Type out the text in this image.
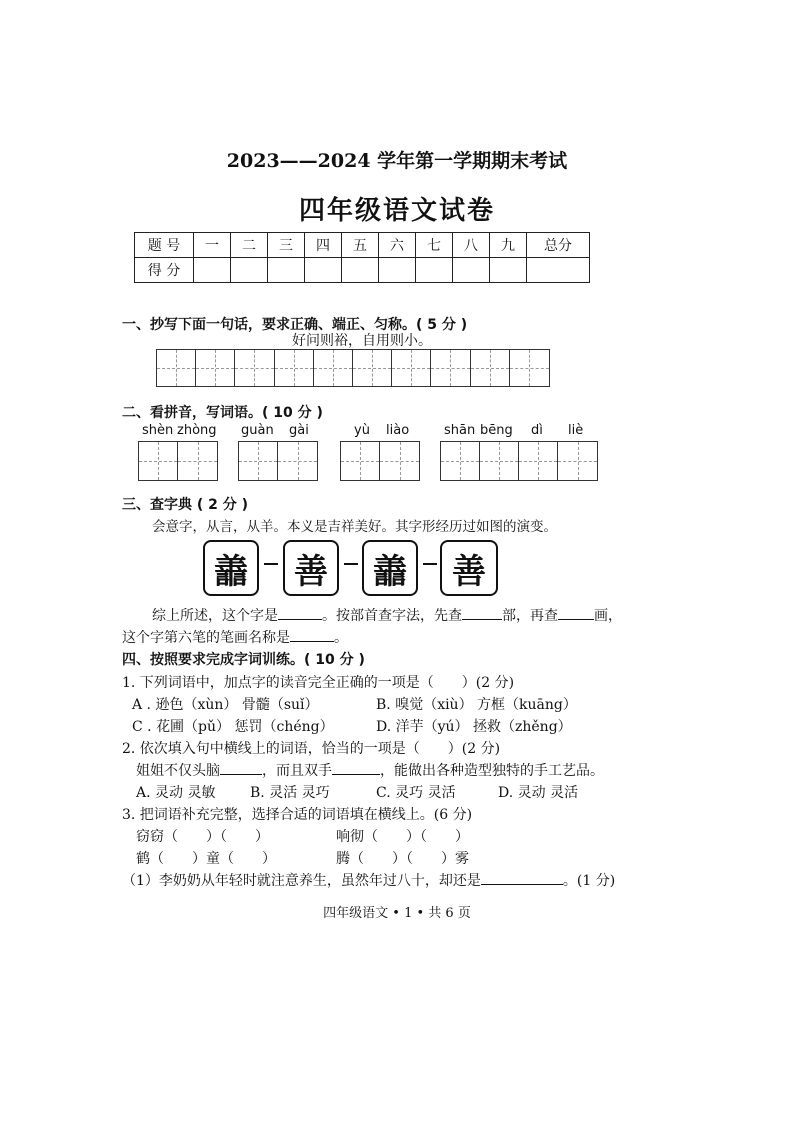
2023——2024 学年第一学期期末考试
四年级语文试卷
题 号	一	二	三	四	五	六	七	八	九	总分
得 分										
一、抄写下面一句话，要求正确、端正、匀称。( 5 分 )
好问则裕，自用则小。
二、看拼音，写词语。( 10 分 )
shèn zhòng guàn gài	yù liào	shān bēng dì liè
三、查字典 ( 2 分 )
会意字，从言，从羊。本义是吉祥美好。其字形经历过如图的演变。
譱	善	譱	善
综上所述，这个字是	。按部首查字法，先查	部，再查	画，
这个字第六笔的笔画名称是	。
四、按照要求完成字词训练。( 10 分 )
1. 下列词语中，加点字的读音完全正确的一项是（　　）(2 分)
A . 逊色（xùn） 骨髓（suǐ）	B. 嗅觉（xiù） 方框（kuāng）
C . 花圃（pǔ） 惩罚（chéng）	D. 洋芋（yú） 拯救（zhěng）
2. 依次填入句中横线上的词语，恰当的一项是（　　）(2 分)
姐姐不仅头脑	，而且双手	，能做出各种造型独特的手工艺品。
A. 灵动 灵敏 B. 灵活 灵巧	C. 灵巧 灵活	D. 灵动 灵活
3. 把词语补充完整，选择合适的词语填在横线上。(6 分)
窃窃（　　）（　　）	响彻（　　）（　　）
鹤（　　）童（　　）	腾（　　）（　　）雾
（1）李奶奶从年轻时就注意养生，虽然年过八十，却还是	。(1 分)
四年级语文 • 1 • 共 6 页
